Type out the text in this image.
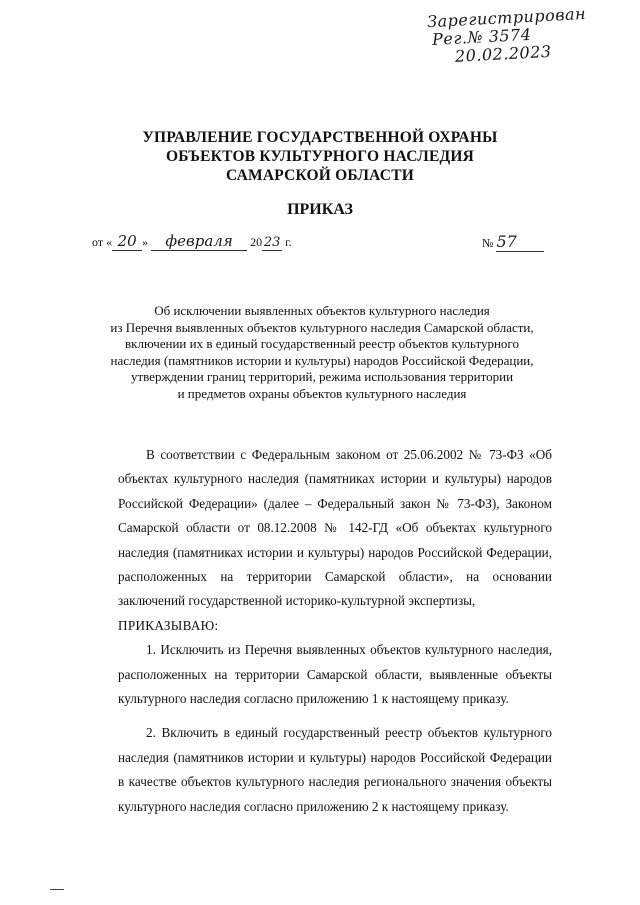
Зарегистрирован
Рег.№ 3574
20.02.2023
УПРАВЛЕНИЕ ГОСУДАРСТВЕННОЙ ОХРАНЫ
ОБЪЕКТОВ КУЛЬТУРНОГО НАСЛЕДИЯ
САМАРСКОЙ ОБЛАСТИ
ПРИКАЗ
от « 20 » февраля 20 23 г.	№ 57
Об исключении выявленных объектов культурного наследия
из Перечня выявленных объектов культурного наследия Самарской области,
включении их в единый государственный реестр объектов культурного
наследия (памятников истории и культуры) народов Российской Федерации,
утверждении границ территорий, режима использования территории
и предметов охраны объектов культурного наследия

В соответствии с Федеральным законом от 25.06.2002 № 73-ФЗ «Об объектах культурного наследия (памятниках истории и культуры) народов Российской Федерации» (далее – Федеральный закон № 73-ФЗ), Законом Самарской области от 08.12.2008 № 142-ГД «Об объектах культурного наследия (памятниках истории и культуры) народов Российской Федерации, расположенных на территории Самарской области», на основании заключений государственной историко-культурной экспертизы,

ПРИКАЗЫВАЮ:

1. Исключить из Перечня выявленных объектов культурного наследия, расположенных на территории Самарской области, выявленные объекты культурного наследия согласно приложению 1 к настоящему приказу.

2. Включить в единый государственный реестр объектов культурного наследия (памятников истории и культуры) народов Российской Федерации в качестве объектов культурного наследия регионального значения объекты культурного наследия согласно приложению 2 к настоящему приказу.
